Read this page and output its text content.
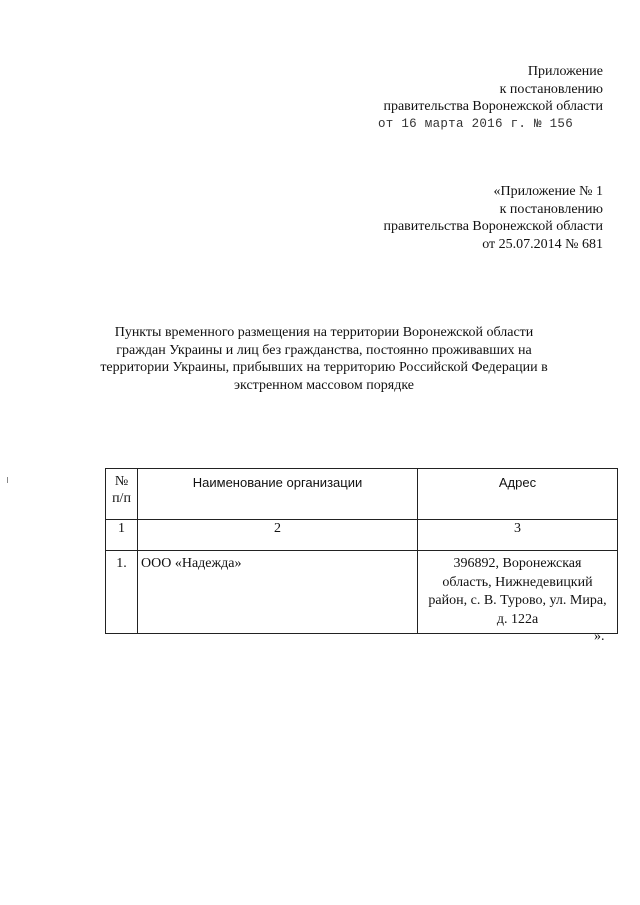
Приложение
к постановлению
правительства Воронежской области
от 16 марта 2016 г. № 156
«Приложение № 1
к постановлению
правительства Воронежской области
от 25.07.2014 № 681
Пункты временного размещения на территории Воронежской области
граждан Украины и лиц без гражданства, постоянно проживавших на
территории Украины, прибывших на территорию Российской Федерации в
экстренном массовом порядке
№
п/п	Наименование организации	Адрес
1	2	3
1.	ООО «Надежда»	396892, Воронежская
область, Нижнедевицкий
район, с. В. Турово, ул. Мира,
д. 122а
».
